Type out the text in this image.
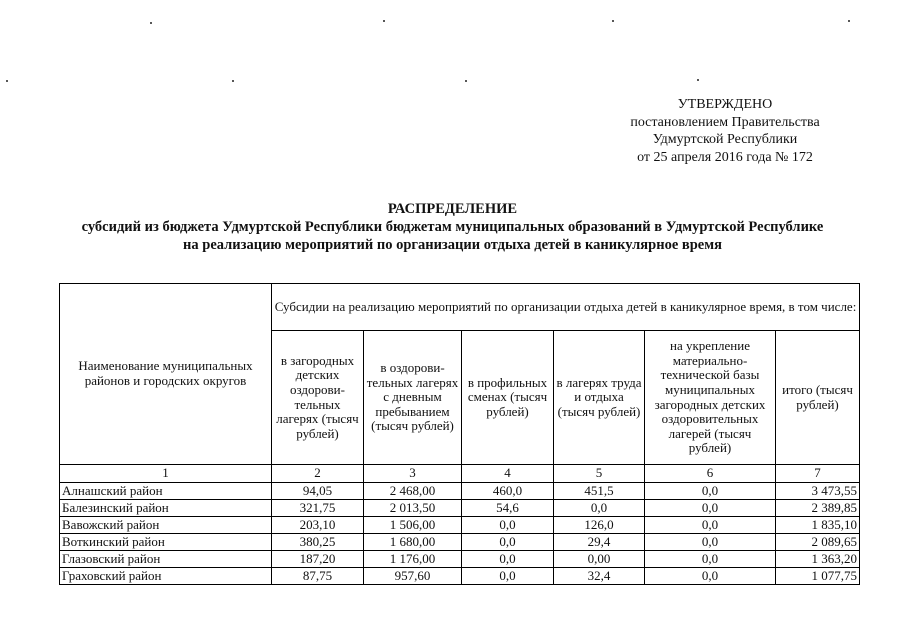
УТВЕРЖДЕНО
постановлением Правительства
Удмуртской Республики
от 25 апреля 2016 года № 172
РАСПРЕДЕЛЕНИЕ
субсидий из бюджета Удмуртской Республики бюджетам муниципальных образований в Удмуртской Республике
на реализацию мероприятий по организации отдыха детей в каникулярное время
Наименование муниципальных районов и городских округов	Субсидии на реализацию мероприятий по организации отдыха детей в каникулярное время, в том числе:					
	в загородных детских оздорови-тельных лагерях (тысяч рублей)	в оздорови-тельных лагерях с дневным пребыванием (тысяч рублей)	в профильных сменах (тысяч рублей)	в лагерях труда и отдыха (тысяч рублей)	на укрепление материально-технической базы муниципальных загородных детских оздоровительных лагерей (тысяч рублей)	итого (тысяч рублей)
1	2	3	4	5	6	7
Алнашский район	94,05	2 468,00	460,0	451,5	0,0	3 473,55
Балезинский район	321,75	2 013,50	54,6	0,0	0,0	2 389,85
Вавожский район	203,10	1 506,00	0,0	126,0	0,0	1 835,10
Воткинский район	380,25	1 680,00	0,0	29,4	0,0	2 089,65
Глазовский район	187,20	1 176,00	0,0	0,00	0,0	1 363,20
Граховский район	87,75	957,60	0,0	32,4	0,0	1 077,75
